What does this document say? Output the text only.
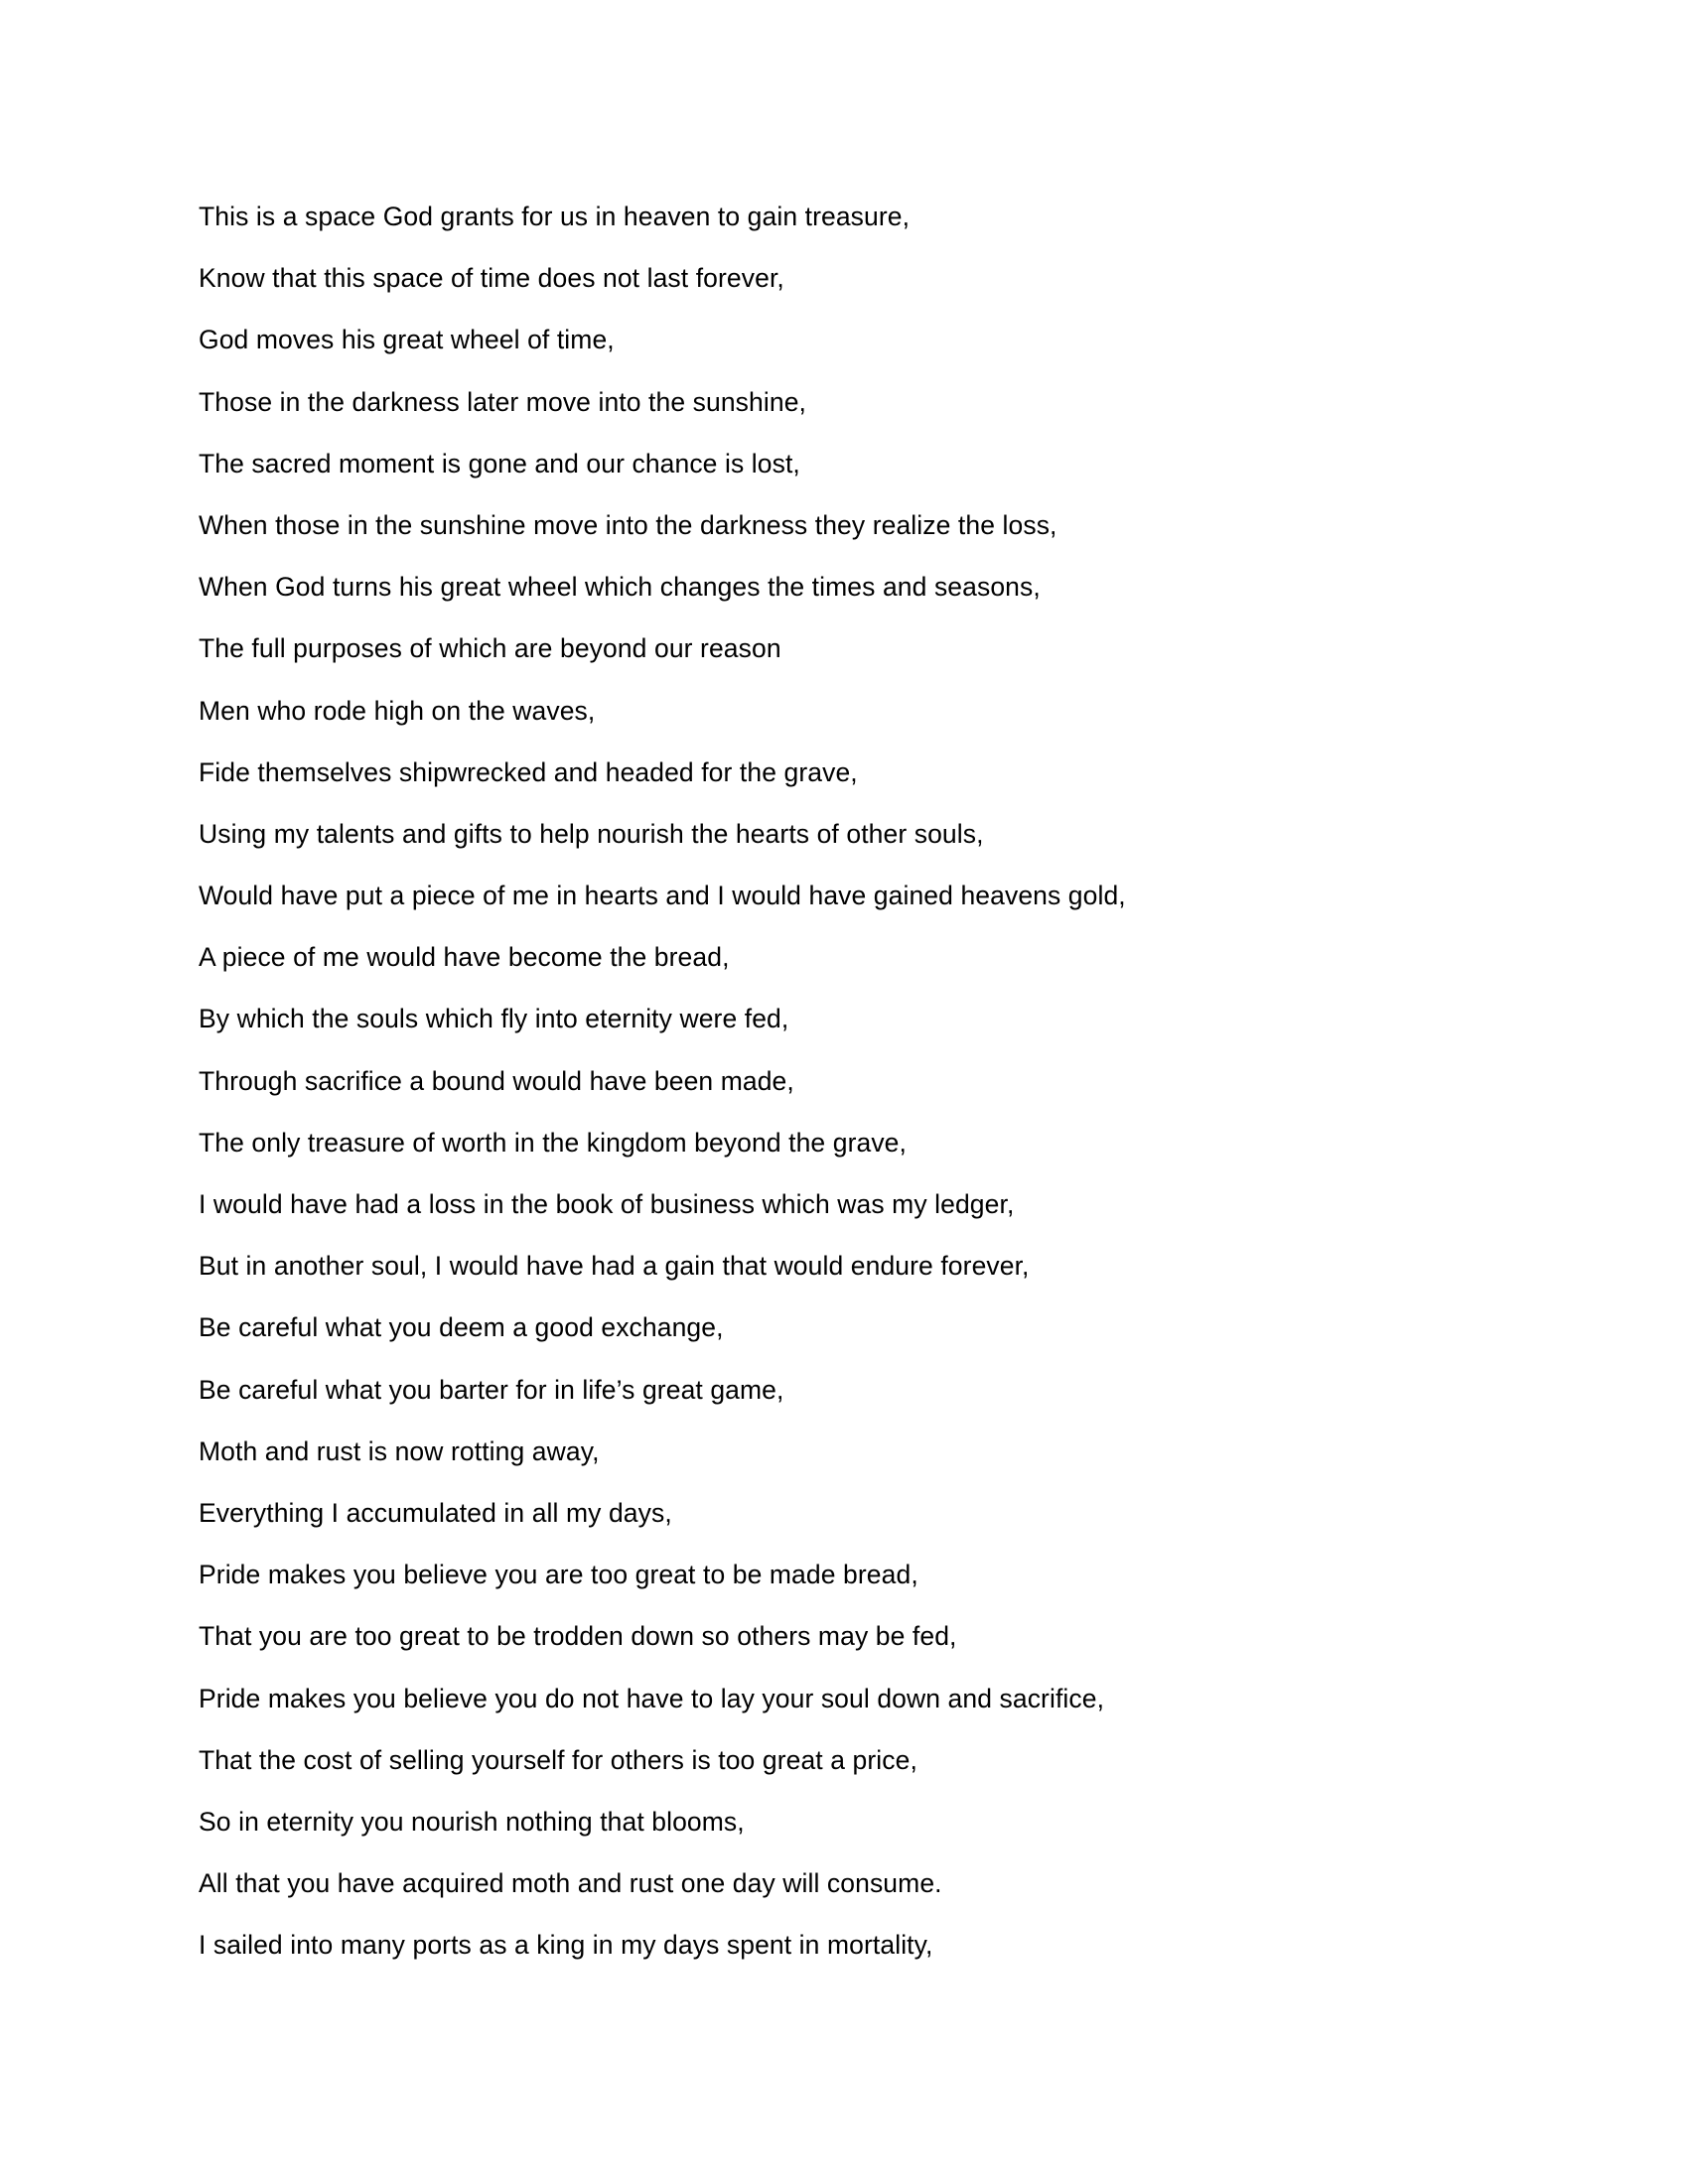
This is a space God grants for us in heaven to gain treasure,
Know that this space of time does not last forever,
God moves his great wheel of time,
Those in the darkness later move into the sunshine,
The sacred moment is gone and our chance is lost,
When those in the sunshine move into the darkness they realize the loss,
When God turns his great wheel which changes the times and seasons,
The full purposes of which are beyond our reason
Men who rode high on the waves,
Fide themselves shipwrecked and headed for the grave,
Using my talents and gifts to help nourish the hearts of other souls,
Would have put a piece of me in hearts and I would have gained heavens gold,
A piece of me would have become the bread,
By which the souls which fly into eternity were fed,
Through sacrifice a bound would have been made,
The only treasure of worth in the kingdom beyond the grave,
I would have had a loss in the book of business which was my ledger,
But in another soul, I would have had a gain that would endure forever,
Be careful what you deem a good exchange,
Be careful what you barter for in life’s great game,
Moth and rust is now rotting away,
Everything I accumulated in all my days,
Pride makes you believe you are too great to be made bread,
That you are too great to be trodden down so others may be fed,
Pride makes you believe you do not have to lay your soul down and sacrifice,
That the cost of selling yourself for others is too great a price,
So in eternity you nourish nothing that blooms,
All that you have acquired moth and rust one day will consume.
I sailed into many ports as a king in my days spent in mortality,
